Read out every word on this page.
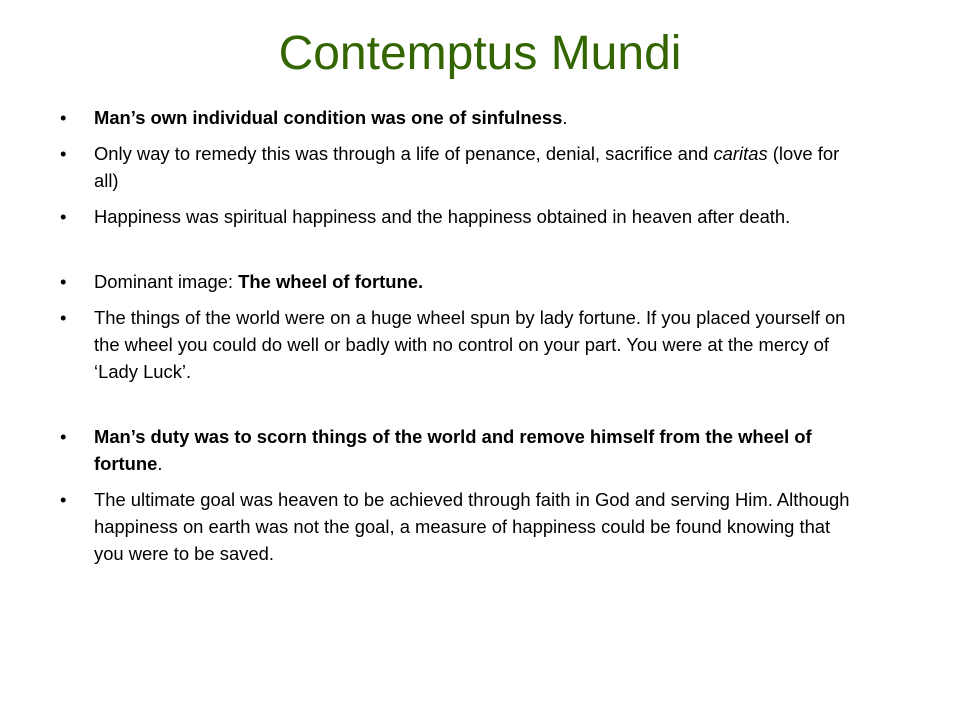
Contemptus Mundi
•	Man’s own individual condition was one of sinfulness.
•	Only way to remedy this was through a life of penance, denial, sacrifice and caritas (love for all)
•	Happiness was spiritual happiness and the happiness obtained in heaven after death.
•	Dominant image: The wheel of fortune.
•	The things of the world were on a huge wheel spun by lady fortune. If you placed yourself on the wheel you could do well or badly with no control on your part. You were at the mercy of ‘Lady Luck’.
•	Man’s duty was to scorn things of the world and remove himself from the wheel of fortune.
•	The ultimate goal was heaven to be achieved through faith in God and serving Him. Although happiness on earth was not the goal, a measure of happiness could be found knowing that you were to be saved.
